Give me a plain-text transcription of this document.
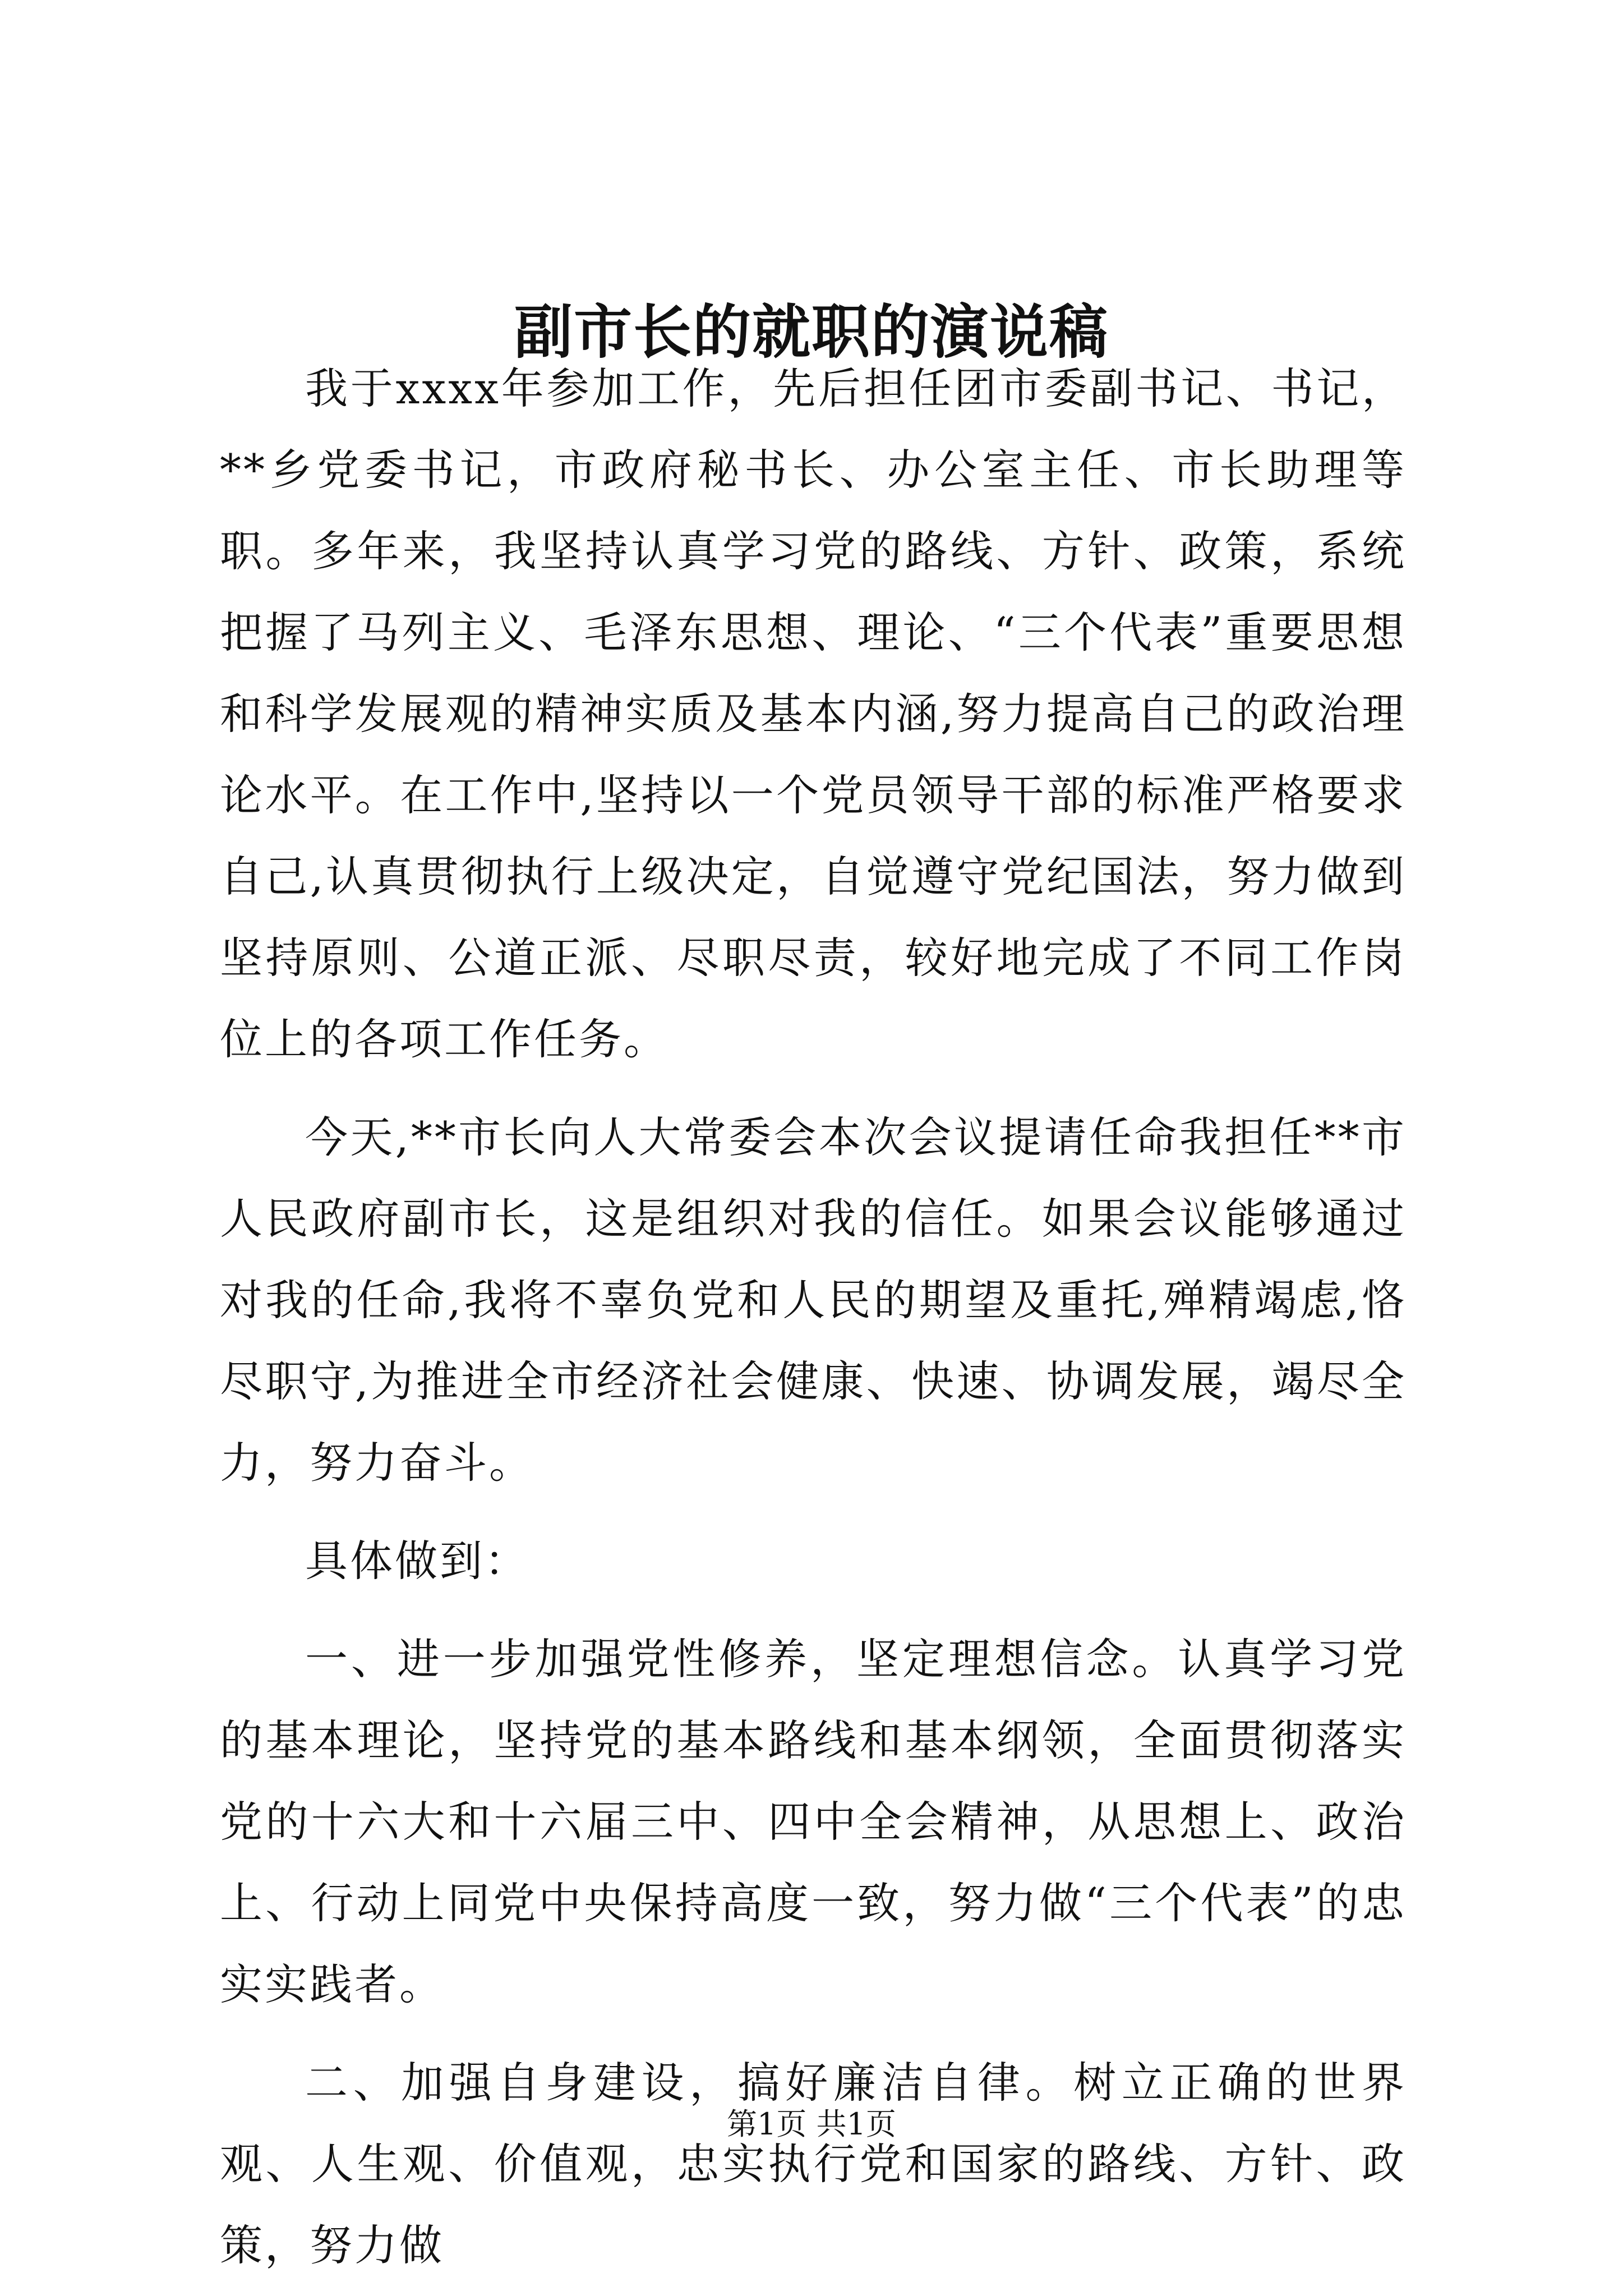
副市长的就职的演说稿

我于xxxx年参加工作，先后担任团市委副书记、书记，**乡党委书记，市政府秘书长、办公室主任、市长助理等职。多年来，我坚持认真学习党的路线、方针、政策，系统把握了马列主义、毛泽东思想、理论、“三个代表”重要思想和科学发展观的精神实质及基本内涵,努力提高自己的政治理论水平。在工作中,坚持以一个党员领导干部的标准严格要求自己,认真贯彻执行上级决定，自觉遵守党纪国法，努力做到坚持原则、公道正派、尽职尽责，较好地完成了不同工作岗位上的各项工作任务。

今天,**市长向人大常委会本次会议提请任命我担任**市人民政府副市长，这是组织对我的信任。如果会议能够通过对我的任命,我将不辜负党和人民的期望及重托,殚精竭虑,恪尽职守,为推进全市经济社会健康、快速、协调发展，竭尽全力，努力奋斗。

具体做到：

一、进一步加强党性修养，坚定理想信念。认真学习党的基本理论，坚持党的基本路线和基本纲领，全面贯彻落实党的十六大和十六届三中、四中全会精神，从思想上、政治上、行动上同党中央保持高度一致，努力做“三个代表”的忠实实践者。

二、加强自身建设，搞好廉洁自律。树立正确的世界观、人生观、价值观，忠实执行党和国家的路线、方针、政策，努力做

第1页 共1页
